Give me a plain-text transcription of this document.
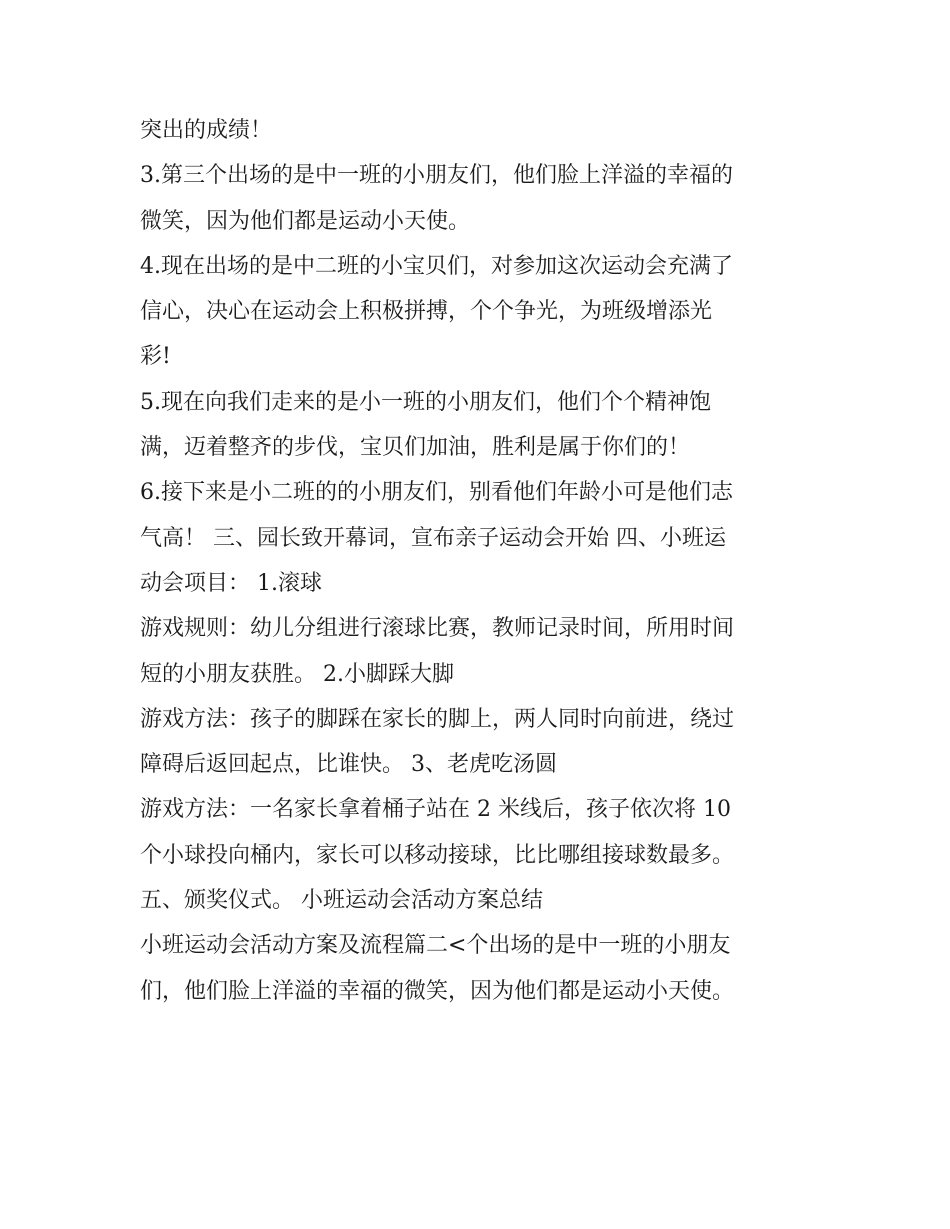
突出的成绩！
3.第三个出场的是中一班的小朋友们，他们脸上洋溢的幸福的
微笑，因为他们都是运动小天使。
4.现在出场的是中二班的小宝贝们，对参加这次运动会充满了
信心，决心在运动会上积极拼搏，个个争光，为班级增添光
彩!
5.现在向我们走来的是小一班的小朋友们，他们个个精神饱
满，迈着整齐的步伐，宝贝们加油，胜利是属于你们的！
6.接下来是小二班的的小朋友们，别看他们年龄小可是他们志
气高！ 三、园长致开幕词，宣布亲子运动会开始 四、小班运
动会项目： 1.滚球
游戏规则：幼儿分组进行滚球比赛，教师记录时间，所用时间
短的小朋友获胜。 2.小脚踩大脚
游戏方法：孩子的脚踩在家长的脚上，两人同时向前进，绕过
障碍后返回起点，比谁快。 3、老虎吃汤圆
游戏方法：一名家长拿着桶子站在 2 米线后，孩子依次将 10
个小球投向桶内，家长可以移动接球，比比哪组接球数最多。
五、颁奖仪式。 小班运动会活动方案总结
小班运动会活动方案及流程篇二<个出场的是中一班的小朋友
们，他们脸上洋溢的幸福的微笑，因为他们都是运动小天使。
